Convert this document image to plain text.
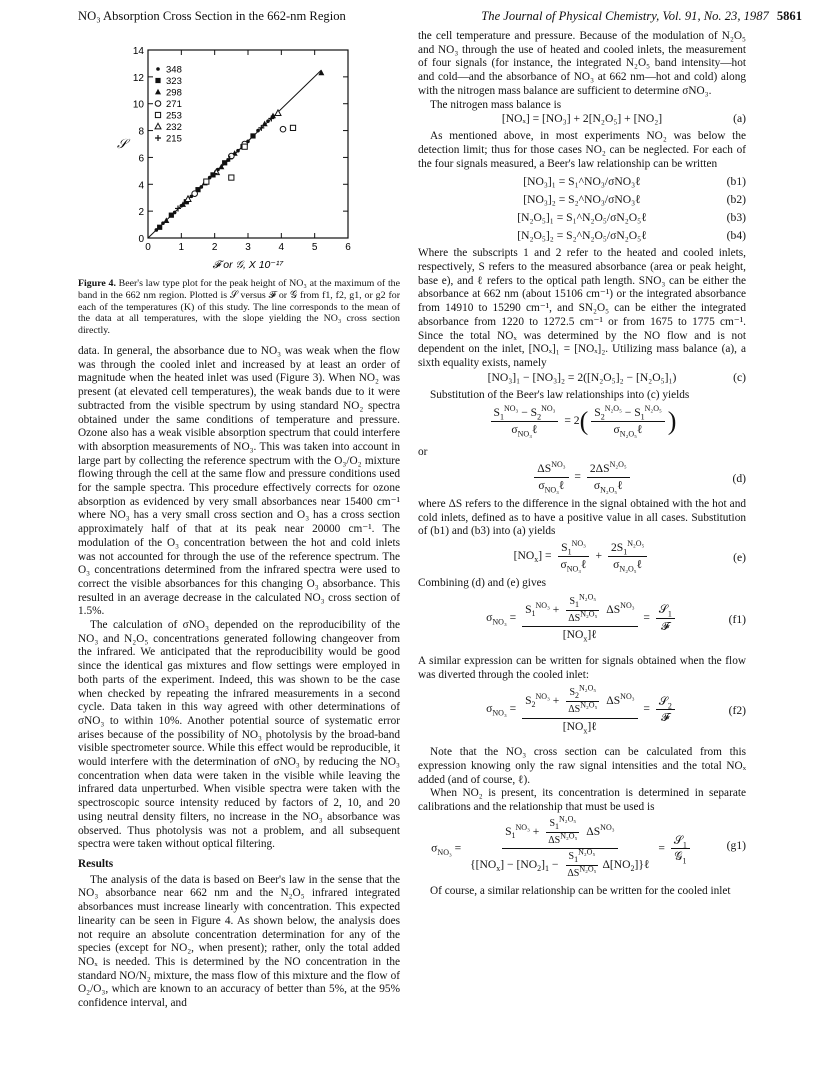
NO₃ Absorption Cross Section in the 662-nm Region	The Journal of Physical Chemistry, Vol. 91, No. 23, 1987 5861
0	1	2	3	4	5	6
0
2
4
6
8
10
12
14
𝓕 or 𝒢, X 10⁻¹⁷
𝒮
348
323
298
271
253
232
215

Figure 4. Beer's law type plot for the peak height of NO₃ at the maximum of the band in the 662 nm region. Plotted is 𝒮 versus 𝓕 or 𝒢 from f1, f2, g1, or g2 for each of the temperatures (K) of this study. The line corresponds to the mean of the data at all temperatures, with the slope yielding the NO₃ cross section directly.

data. In general, the absorbance due to NO₃ was weak when the flow was through the cooled inlet and increased by at least an order of magnitude when the heated inlet was used (Figure 3). When NO₂ was present (at elevated cell temperatures), the weak bands due to it were subtracted from the visible spectrum by using standard NO₂ spectra obtained under the same conditions of temperature and pressure. Ozone also has a weak visible absorption spectrum that could interfere with absorption measurements of NO₃. This was taken into account in large part by collecting the reference spectrum with the O₃/O₂ mixture flowing through the cell at the same flow and pressure conditions used for the sample spectra. This procedure effectively corrects for ozone absorption as evidenced by very small absorbances near 15400 cm⁻¹ where NO₃ has a very small cross section and O₃ has a cross section approximately half of that at its peak near 20000 cm⁻¹. The modulation of the O₃ concentration between the hot and cold inlets was not accounted for through the use of the reference spectrum. The O₃ concentrations determined from the infrared spectra were used to correct the visible absorbances for this changing O₃ absorbance. This resulted in an average decrease in the calculated NO₃ cross section of 1.5%.

The calculation of σNO₃ depended on the reproducibility of the NO₃ and N₂O₅ concentrations generated following changeover from the infrared. We anticipated that the reproducibility would be good since the identical gas mixtures and flow settings were employed in both parts of the experiment. Indeed, this was shown to be the case when checked by repeating the infrared measurements in a second cycle. Data taken in this way agreed with other determinations of σNO₃ to within 10%. Another potential source of systematic error arises because of the possibility of NO₃ photolysis by the broad-band visible spectrometer source. While this effect would be reproducible, it would interfere with the determination of σNO₃ by reducing the NO₃ concentration when data were taken in the visible while leaving the infrared data unperturbed. When visible spectra were taken with the spectroscopic source intensity reduced by factors of 2, 10, and 20 using neutral density filters, no increase in the NO₃ absorbance was observed. Thus photolysis was not a problem, and all subsequent spectra were taken without optical filtering.

Results

The analysis of the data is based on Beer's law in the sense that the NO₃ absorbance near 662 nm and the N₂O₅ infrared integrated absorbances must increase linearly with concentration. This expected linearity can be seen in Figure 4. As shown below, the analysis does not require an absolute concentration determination for any of the species (except for NO₂, when present); rather, only the total added NOₓ is needed. This is determined by the NO concentration in the standard NO/N₂ mixture, the mass flow of this mixture and the flow of O₂/O₃, which are known to an accuracy of better than 5%, at the 95% confidence interval, and

the cell temperature and pressure. Because of the modulation of N₂O₅ and NO₃ through the use of heated and cooled inlets, the measurement of four signals (for instance, the integrated N₂O₅ band intensity—hot and cold—and the absorbance of NO₃ at 662 nm—hot and cold) along with the nitrogen mass balance are sufficient to determine σNO₃.

The nitrogen mass balance is

[NOₓ] = [NO₃] + 2[N₂O₅] + [NO₂]	(a)

As mentioned above, in most experiments NO₂ was below the detection limit; thus for those cases NO₂ can be neglected. For each of the four signals measured, a Beer's law relationship can be written

[NO₃]₁ = S₁^NO₃/σNO₃ℓ	(b1)
[NO₃]₂ = S₂^NO₃/σNO₃ℓ	(b2)
[N₂O₅]₁ = S₁^N₂O₅/σN₂O₅ℓ	(b3)
[N₂O₅]₂ = S₂^N₂O₅/σN₂O₅ℓ	(b4)

Where the subscripts 1 and 2 refer to the heated and cooled inlets, respectively, S refers to the measured absorbance (area or peak height, base e), and ℓ refers to the optical path length. SNO₃ can be either the absorbance at 662 nm (about 15106 cm⁻¹) or the integrated absorbance from 14910 to 15290 cm⁻¹, and SN₂O₅ can be either the integrated absorbance from 1220 to 1272.5 cm⁻¹ or from 1675 to 1775 cm⁻¹. Since the total NOₓ was determined by the NO flow and is not dependent on the inlet, [NOₓ]₁ = [NOₓ]₂. Utilizing mass balance (a), a sixth equality exists, namely

[NO₃]₁ − [NO₃]₂ = 2([N₂O₅]₂ − [N₂O₅]₁)	(c)

Substitution of the Beer's law relationships into (c) yields

$\frac{S_1^{NO_3} - S_2^{NO_3}}{\sigma_{NO_3}\ell} = 2( \frac{S_2^{N_2O_5} - S_1^{N_2O_5}}{\sigma_{N_2O_5}\ell}$ )

or

$\frac{\Delta S^{NO_3}}{\sigma_{NO_3}\ell} = \frac{2\Delta S^{N_2O_5}}{\sigma_{N_2O_5}\ell}$	(d)

where ΔS refers to the difference in the signal obtained with the hot and cold inlets, defined as to have a positive value in all cases. Substitution of (b1) and (b3) into (a) yields

$[NO_x] = \frac{S_1^{NO_3}}{\sigma_{NO_3}\ell} + \frac{2S_1^{N_2O_5}}{\sigma_{N_2O_5}\ell}$	(e)

Combining (d) and (e) gives

$\sigma_{NO_3} = \frac{S_1^{NO_3} + \frac{S_1^{N_2O_5}}{\Delta S^{N_2O_5}} \Delta S^{NO_3}}{[NO_x]\ell} = \frac{𝒮_1}{\text{𝓕}}$	(f1)

A similar expression can be written for signals obtained when the flow was diverted through the cooled inlet:

$\sigma_{NO_3} = \frac{S_2^{NO_3} + \frac{S_2^{N_2O_5}}{\Delta S^{N_2O_5}} \Delta S^{NO_3}}{[NO_x]\ell} = \frac{𝒮_2}{\text{𝓕}}$	(f2)

Note that the NO₃ cross section can be calculated from this expression knowing only the raw signal intensities and the total NOₓ added (and of course, ℓ).

When NO₂ is present, its concentration is determined in separate calibrations and the relationship that must be used is

$\sigma_{NO_3} = \frac{S_1^{NO_3} + \frac{S_1^{N_2O_5}}{\Delta S^{N_2O_5}} \Delta S^{NO_3}}{\{[NO_x] - [NO_2]_1 - \frac{S_1^{N_2O_5}}{\Delta S^{N_2O_5}} \Delta[NO_2]\}\ell} = \frac{𝒮_1}{𝒢_1}$	(g1)

Of course, a similar relationship can be written for the cooled inlet
